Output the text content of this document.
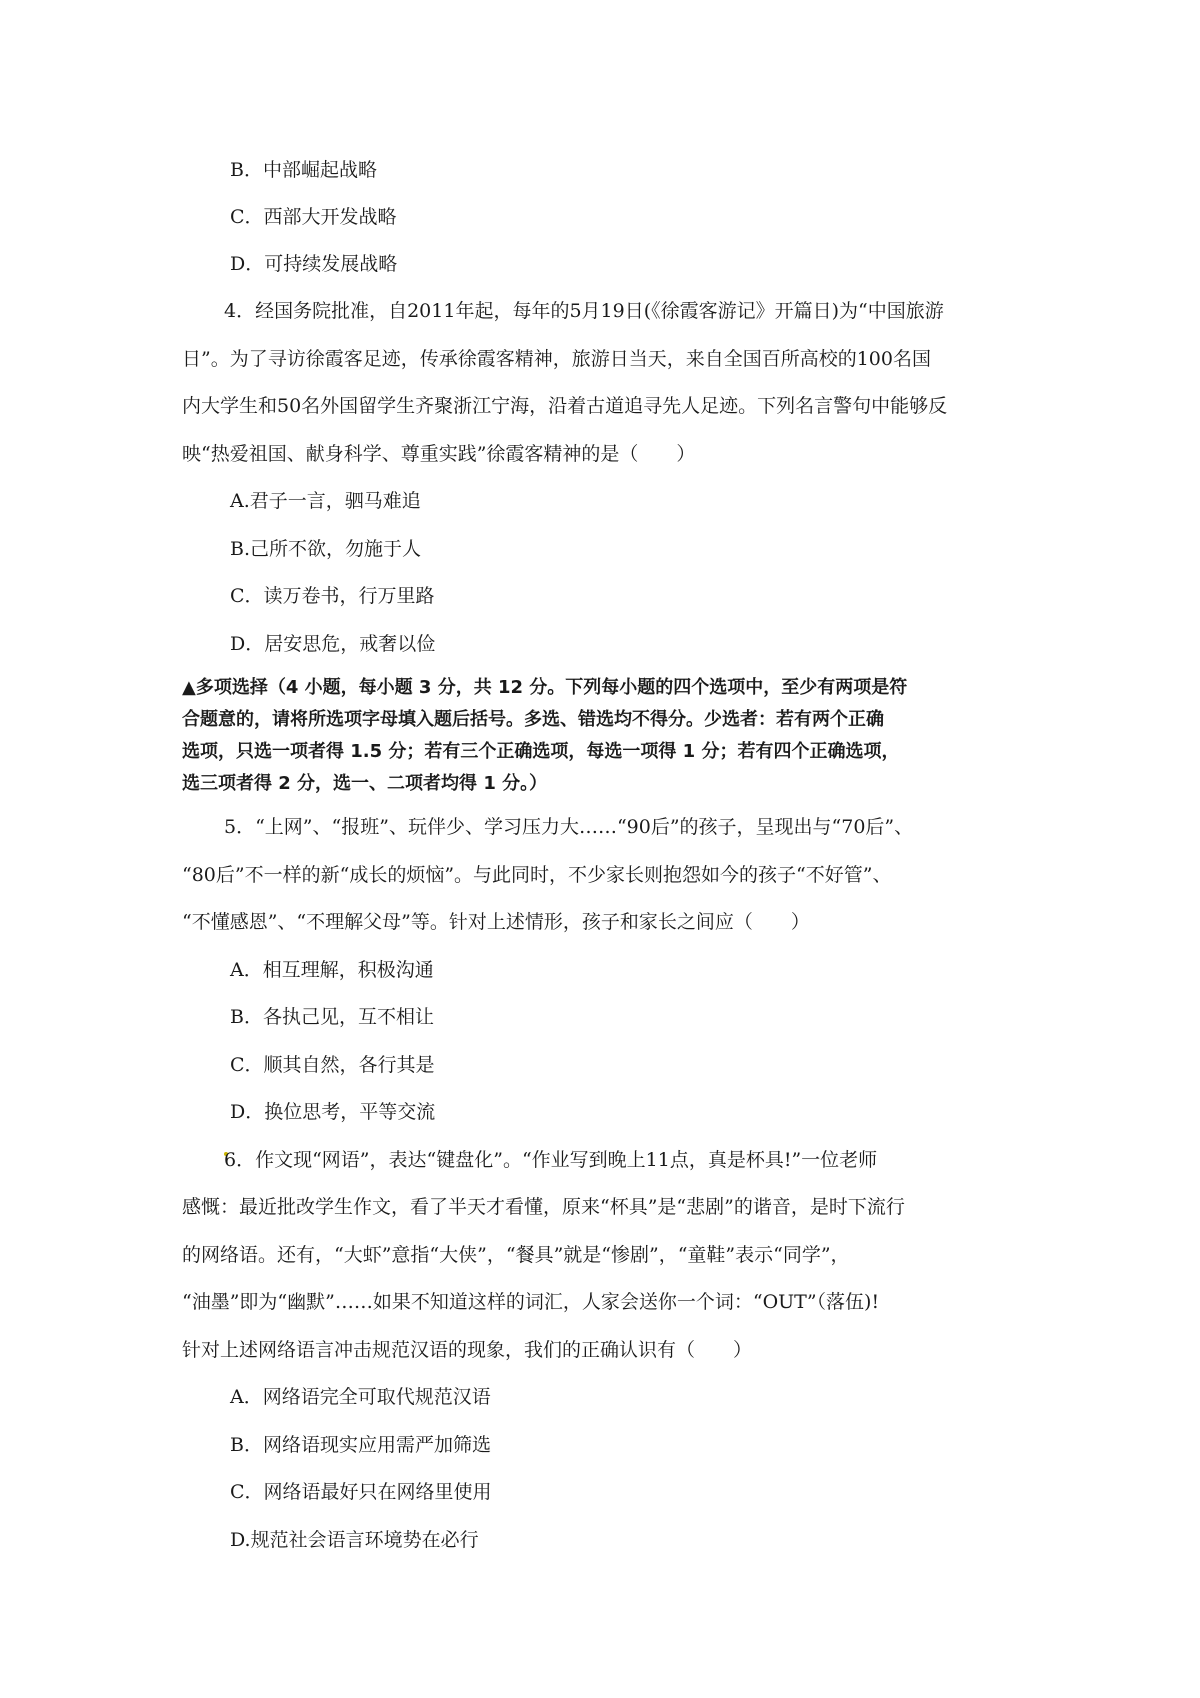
B．中部崛起战略
C．西部大开发战略
D．可持续发展战略
4．经国务院批准，自2011年起，每年的5月19日(《徐霞客游记》开篇日)为“中国旅游
日”。为了寻访徐霞客足迹，传承徐霞客精神，旅游日当天，来自全国百所高校的100名国
内大学生和50名外国留学生齐聚浙江宁海，沿着古道追寻先人足迹。下列名言警句中能够反
映“热爱祖国、献身科学、尊重实践”徐霞客精神的是（　　）
A.君子一言，驷马难追
B.己所不欲，勿施于人
C．读万卷书，行万里路
D．居安思危，戒奢以俭
▲多项选择（4 小题，每小题 3 分，共 12 分。下列每小题的四个选项中，至少有两项是符
合题意的，请将所选项字母填入题后括号。多选、错选均不得分。少选者：若有两个正确
选项，只选一项者得 1.5 分；若有三个正确选项，每选一项得 1 分；若有四个正确选项，
选三项者得 2 分，选一、二项者均得 1 分。）
5．“上网”、“报班”、玩伴少、学习压力大……“90后”的孩子，呈现出与“70后”、
“80后”不一样的新“成长的烦恼”。与此同时，不少家长则抱怨如今的孩子“不好管”、
“不懂感恩”、“不理解父母”等。针对上述情形，孩子和家长之间应（　　）
A．相互理解，积极沟通
B．各执己见，互不相让
C．顺其自然，各行其是
D．换位思考，平等交流
6．作文现“网语”，表达“键盘化”。“作业写到晚上11点，真是杯具!”一位老师
感慨：最近批改学生作文，看了半天才看懂，原来“杯具”是“悲剧”的谐音，是时下流行
的网络语。还有，“大虾”意指“大侠”，“餐具”就是“惨剧”，“童鞋”表示“同学”，
“油墨”即为“幽默”……如果不知道这样的词汇，人家会送你一个词：“OUT”（落伍)!
针对上述网络语言冲击规范汉语的现象，我们的正确认识有（　　）
A．网络语完全可取代规范汉语
B．网络语现实应用需严加筛选
C．网络语最好只在网络里使用
D.规范社会语言环境势在必行
